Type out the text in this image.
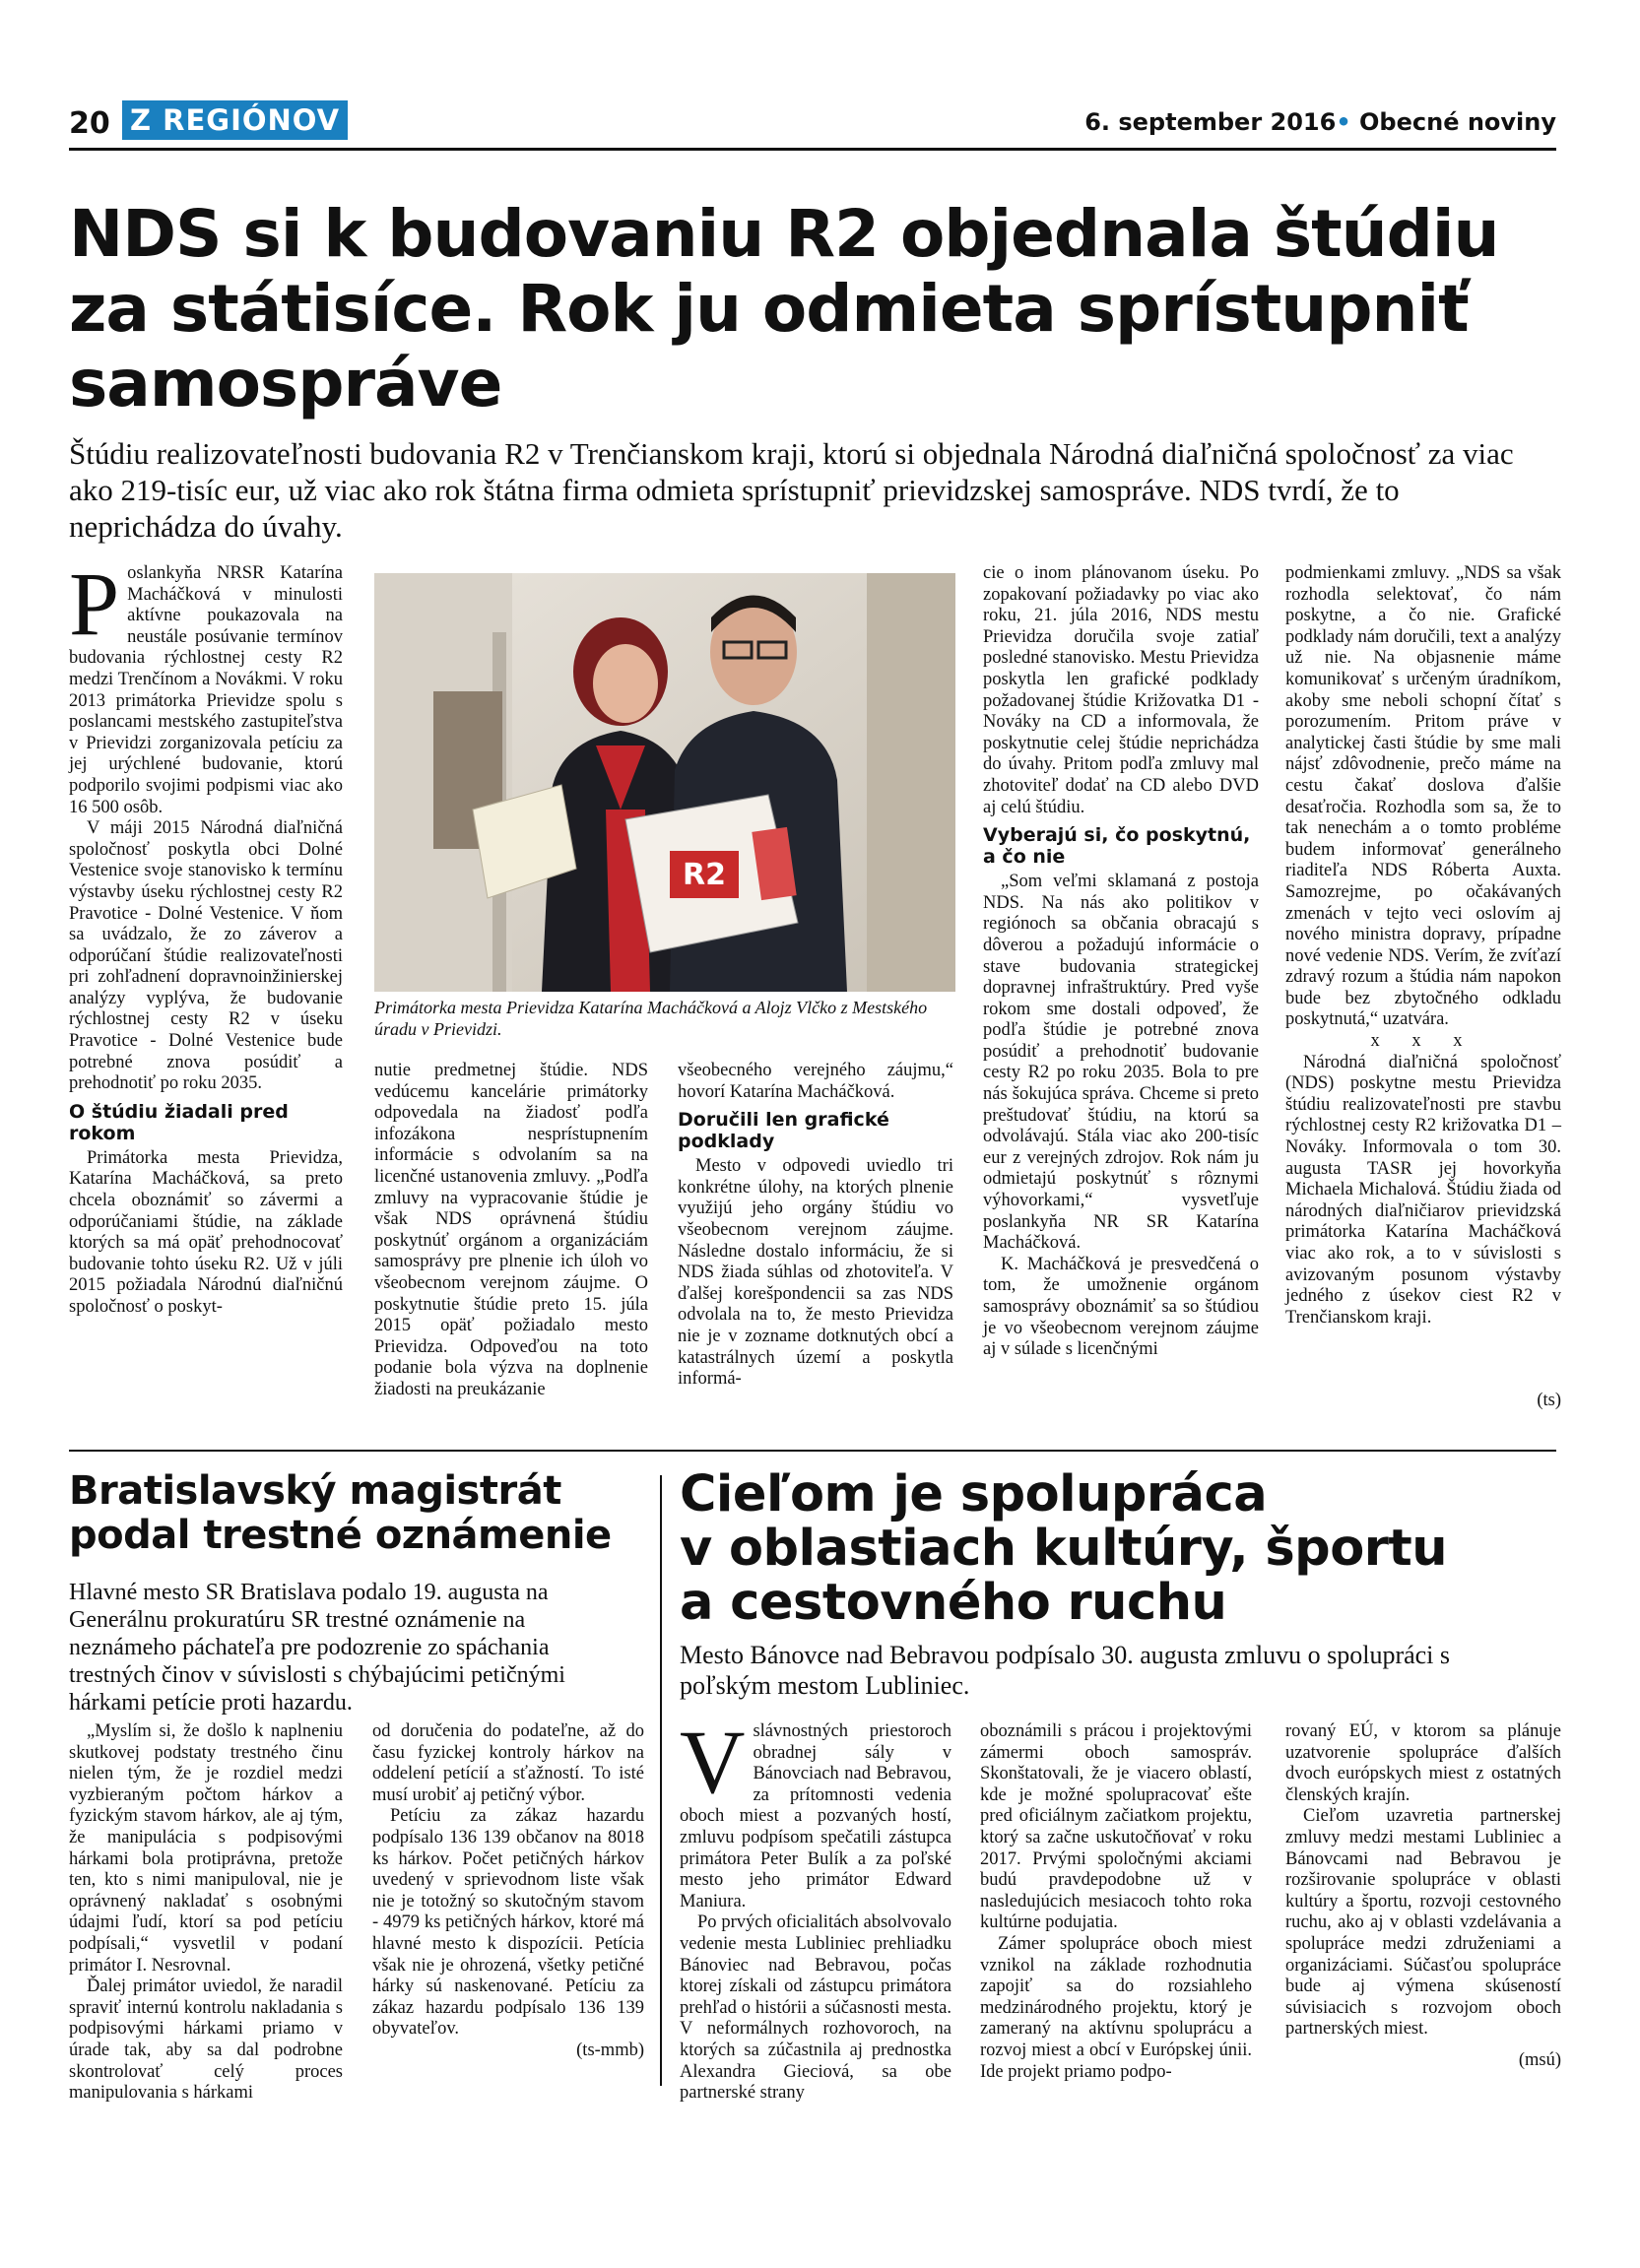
20 Z REGIÓNOV	6. september 2016• Obecné noviny
NDS si k budovaniu R2 objednala štúdiu
za státisíce. Rok ju odmieta sprístupniť
samospráve
Štúdiu realizovateľnosti budovania R2 v Trenčianskom kraji, ktorú si objednala Národná diaľničná spoločnosť za viac ako 219-tisíc eur, už viac ako rok štátna firma odmieta sprístupniť prievidzskej samospráve. NDS tvrdí, že to neprichádza do úvahy.
P oslankyňa NRSR Katarína Macháčková v minulosti aktívne poukazovala na neustále posúvanie termínov budovania rýchlostnej cesty R2 medzi Trenčínom a Novákmi. V roku 2013 primátorka Prievidze spolu s poslancami mestského zastupiteľstva v Prievidzi zorganizovala petíciu za jej urýchlené budovanie, ktorú podporilo svojimi podpismi viac ako 16 500 osôb.

V máji 2015 Národná diaľničná spoločnosť poskytla obci Dolné Vestenice svoje stanovisko k termínu výstavby úseku rýchlostnej cesty R2 Pravotice - Dolné Vestenice. V ňom sa uvádzalo, že zo záverov a odporúčaní štúdie realizovateľnosti pri zohľadnení dopravnoinžinierskej analýzy vyplýva, že budovanie rýchlostnej cesty R2 v úseku Pravotice - Dolné Vestenice bude potrebné znova posúdiť a prehodnotiť po roku 2035.

O štúdiu žiadali pred rokom

Primátorka mesta Prievidza, Katarína Macháčková, sa preto chcela oboznámiť so závermi a odporúčaniami štúdie, na základe ktorých sa má opäť prehodnocovať budovanie tohto úseku R2. Už v júli 2015 požiadala Národnú diaľničnú spoločnosť o poskyt-

R2
Primátorka mesta Prievidza Katarína Macháčková a Alojz Vlčko z Mestského úradu v Prievidzi.

nutie predmetnej štúdie. NDS vedúcemu kancelárie primátorky odpovedala na žiadosť podľa infozákona nesprístupnením informácie s odvolaním sa na licenčné ustanovenia zmluvy. „Podľa zmluvy na vypracovanie štúdie je však NDS oprávnená štúdiu poskytnúť orgánom a organizáciám samosprávy pre plnenie ich úloh vo všeobecnom verejnom záujme. O poskytnutie štúdie preto 15. júla 2015 opäť požiadalo mesto Prievidza. Odpoveďou na toto podanie bola výzva na doplnenie žiadosti na preukázanie

všeobecného verejného záujmu,“ hovorí Katarína Macháčková.

Doručili len grafické podklady

Mesto v odpovedi uviedlo tri konkrétne úlohy, na ktorých plnenie využijú jeho orgány štúdiu vo všeobecnom verejnom záujme. Následne dostalo informáciu, že si NDS žiada súhlas od zhotoviteľa. V ďalšej korešpondencii sa zas NDS odvolala na to, že mesto Prievidza nie je v zozname dotknutých obcí a katastrálnych území a poskytla informá-

cie o inom plánovanom úseku. Po zopakovaní požiadavky po viac ako roku, 21. júla 2016, NDS mestu Prievidza doručila svoje zatiaľ posledné stanovisko. Mestu Prievidza poskytla len grafické podklady požadovanej štúdie Križovatka D1 - Nováky na CD a informovala, že poskytnutie celej štúdie neprichádza do úvahy. Pritom podľa zmluvy mal zhotoviteľ dodať na CD alebo DVD aj celú štúdiu.

Vyberajú si, čo poskytnú, a čo nie

„Som veľmi sklamaná z postoja NDS. Na nás ako politikov v regiónoch sa občania obracajú s dôverou a požadujú informácie o stave budovania strategickej dopravnej infraštruktúry. Pred vyše rokom sme dostali odpoveď, že podľa štúdie je potrebné znova posúdiť a prehodnotiť budovanie cesty R2 po roku 2035. Bola to pre nás šokujúca správa. Chceme si preto preštudovať štúdiu, na ktorú sa odvolávajú. Stála viac ako 200-tisíc eur z verejných zdrojov. Rok nám ju odmietajú poskytnúť s rôznymi výhovorkami,“ vysvetľuje poslankyňa NR SR Katarína Macháčková.

K. Macháčková je presvedčená o tom, že umožnenie orgánom samosprávy oboznámiť sa so štúdiou je vo všeobecnom verejnom záujme aj v súlade s licenčnými

podmienkami zmluvy. „NDS sa však rozhodla selektovať, čo nám poskytne, a čo nie. Grafické podklady nám doručili, text a analýzy už nie. Na objasnenie máme komunikovať s určeným úradníkom, akoby sme neboli schopní čítať s porozumením. Pritom práve v analytickej časti štúdie by sme mali nájsť zdôvodnenie, prečo máme na cestu čakať doslova ďalšie desaťročia. Rozhodla som sa, že to tak nenechám a o tomto probléme budem informovať generálneho riaditeľa NDS Róberta Auxta. Samozrejme, po očakávaných zmenách v tejto veci oslovím aj nového ministra dopravy, prípadne nové vedenie NDS. Verím, že zvíťazí zdravý rozum a štúdia nám napokon bude bez zbytočného odkladu poskytnutá,“ uzatvára.

x x x

Národná diaľničná spoločnosť (NDS) poskytne mestu Prievidza štúdiu realizovateľnosti pre stavbu rýchlostnej cesty R2 križovatka D1 – Nováky. Informovala o tom 30. augusta TASR jej hovorkyňa Michaela Michalová. Štúdiu žiada od národných diaľničiarov prievidzská primátorka Katarína Macháčková viac ako rok, a to v súvislosti s avizovaným posunom výstavby jedného z úsekov ciest R2 v Trenčianskom kraji.

(ts)
Bratislavský magistrát
podal trestné oznámenie
Hlavné mesto SR Bratislava podalo 19. augusta na Generálnu prokuratúru SR trestné oznámenie na neznámeho páchateľa pre podozrenie zo spáchania trestných činov v súvislosti s chýbajúcimi petičnými hárkami petície proti hazardu.

„Myslím si, že došlo k naplneniu skutkovej podstaty trestného činu nielen tým, že je rozdiel medzi vyzbieraným počtom hárkov a fyzickým stavom hárkov, ale aj tým, že manipulácia s podpisovými hárkami bola protiprávna, pretože ten, kto s nimi manipuloval, nie je oprávnený nakladať s osobnými údajmi ľudí, ktorí sa pod petíciu podpísali,“ vysvetlil v podaní primátor I. Nesrovnal.

Ďalej primátor uviedol, že naradil spraviť internú kontrolu nakladania s podpisovými hárkami priamo v úrade tak, aby sa dal podrobne skontrolovať celý proces manipulovania s hárkami

od doručenia do podateľne, až do času fyzickej kontroly hárkov na oddelení petícií a sťažností. To isté musí urobiť aj petičný výbor.

Petíciu za zákaz hazardu podpísalo 136 139 občanov na 8018 ks hárkov. Počet petičných hárkov uvedený v sprievodnom liste však nie je totožný so skutočným stavom - 4979 ks petičných hárkov, ktoré má hlavné mesto k dispozícii. Petícia však nie je ohrozená, všetky petičné hárky sú naskenované. Petíciu za zákaz hazardu podpísalo 136 139 obyvateľov.

(ts-mmb)
Cieľom je spolupráca
v oblastiach kultúry, športu
a cestovného ruchu
Mesto Bánovce nad Bebravou podpísalo 30. augusta zmluvu o spolupráci s poľským mestom Lubliniec.
V slávnostných priestoroch obradnej sály v Bánovciach nad Bebravou, za prítomnosti vedenia oboch miest a pozvaných hostí, zmluvu podpísom spečatili zástupca primátora Peter Bulík a za poľské mesto jeho primátor Edward Maniura.

Po prvých oficialitách absolvovalo vedenie mesta Lubliniec prehliadku Bánoviec nad Bebravou, počas ktorej získali od zástupcu primátora prehľad o histórii a súčasnosti mesta. V neformálnych rozhovoroch, na ktorých sa zúčastnila aj prednostka Alexandra Gieciová, sa obe partnerské strany

oboznámili s prácou i projektovými zámermi oboch samospráv. Skonštatovali, že je viacero oblastí, kde je možné spolupracovať ešte pred oficiálnym začiatkom projektu, ktorý sa začne uskutočňovať v roku 2017. Prvými spoločnými akciami budú pravdepodobne už v nasledujúcich mesiacoch tohto roka kultúrne podujatia.

Zámer spolupráce oboch miest vznikol na základe rozhodnutia zapojiť sa do rozsiahleho medzinárodného projektu, ktorý je zameraný na aktívnu spoluprácu a rozvoj miest a obcí v Európskej únii. Ide projekt priamo podpo-

rovaný EÚ, v ktorom sa plánuje uzatvorenie spolupráce ďalších dvoch európskych miest z ostatných členských krajín.

Cieľom uzavretia partnerskej zmluvy medzi mestami Lubliniec a Bánovcami nad Bebravou je rozširovanie spolupráce v oblasti kultúry a športu, rozvoji cestovného ruchu, ako aj v oblasti vzdelávania a spolupráce medzi združeniami a organizáciami. Súčasťou spolupráce bude aj výmena skúseností súvisiacich s rozvojom oboch partnerských miest.

(msú)
